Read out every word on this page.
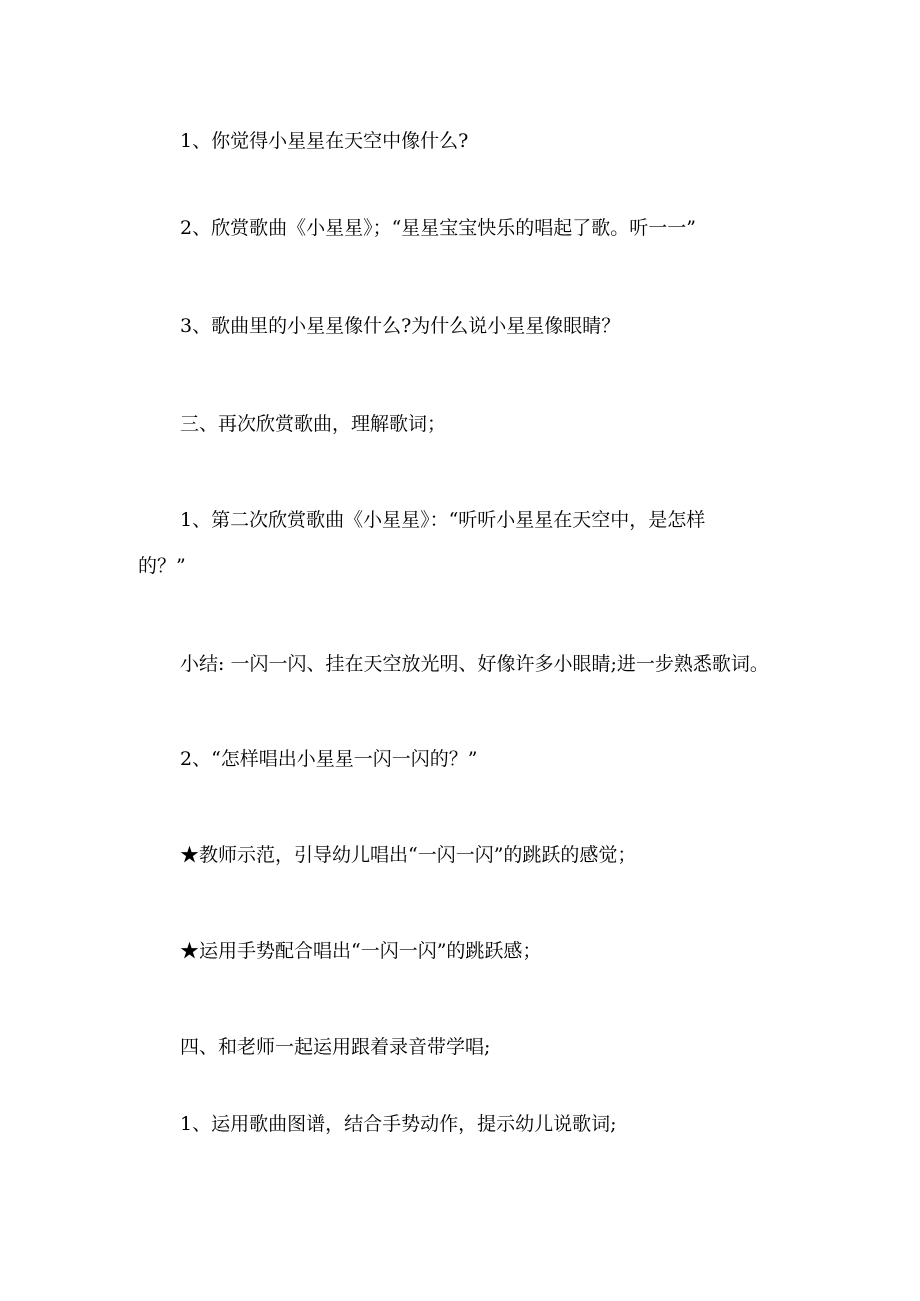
1、你觉得小星星在天空中像什么?
2、欣赏歌曲《小星星》；“星星宝宝快乐的唱起了歌。听一一”
3、歌曲里的小星星像什么?为什么说小星星像眼睛？
三、再次欣赏歌曲，理解歌词；
1、第二次欣赏歌曲《小星星》：“听听小星星在天空中，是怎样
的？”
小结: 一闪一闪、挂在天空放光明、好像许多小眼睛;进一步熟悉歌词。
2、“怎样唱出小星星一闪一闪的？”
★教师示范，引导幼儿唱出“一闪一闪”的跳跃的感觉；
★运用手势配合唱出“一闪一闪”的跳跃感；
四、和老师一起运用跟着录音带学唱;
1、运用歌曲图谱，结合手势动作，提示幼儿说歌词;
